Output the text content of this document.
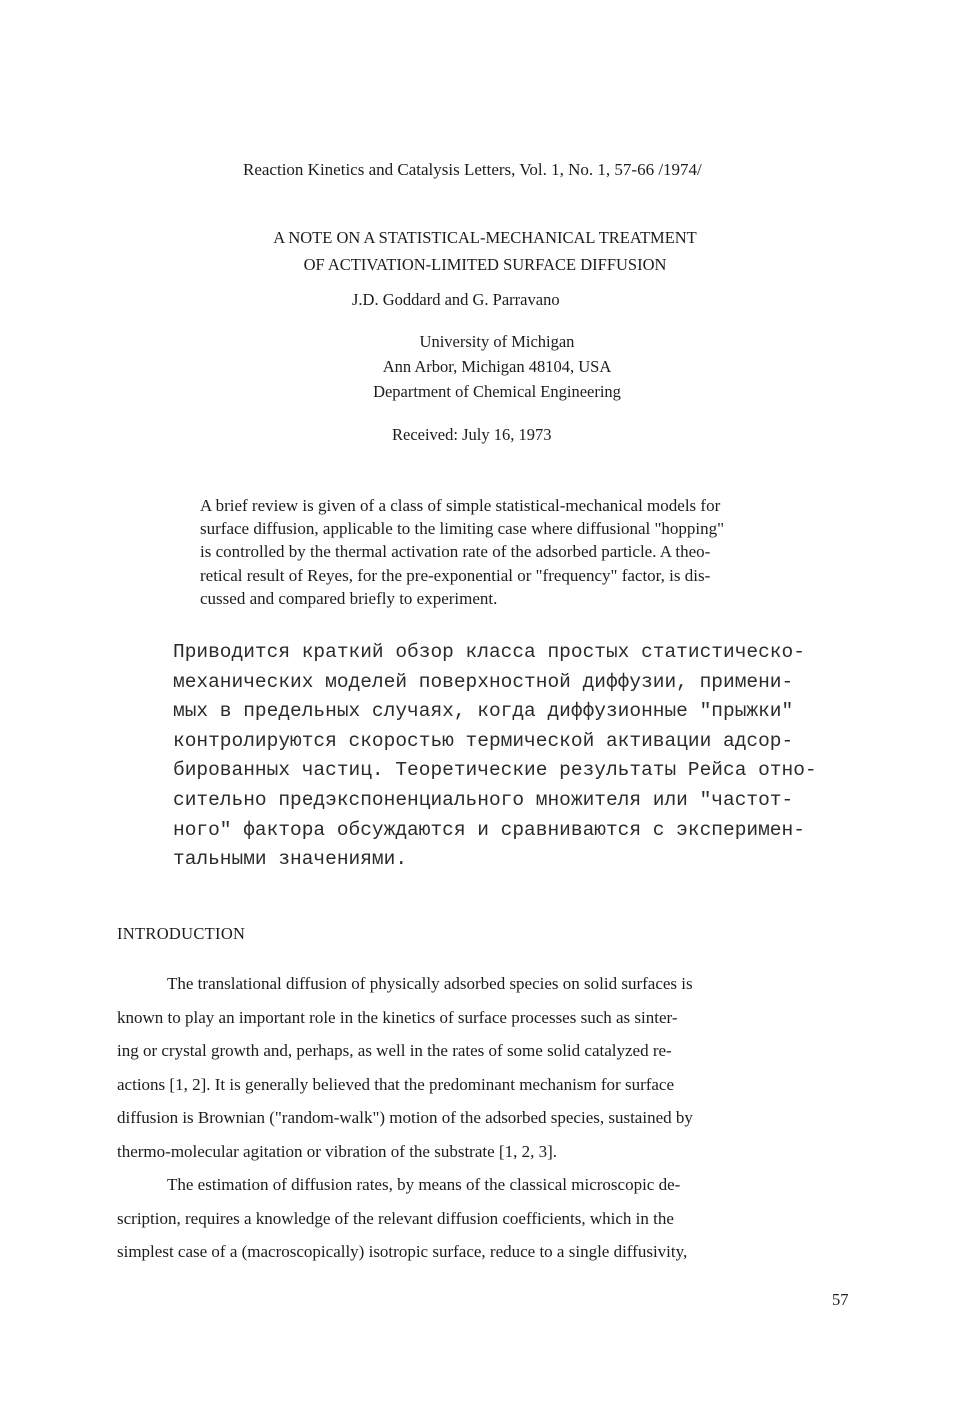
Reaction Kinetics and Catalysis Letters, Vol. 1, No. 1, 57-66 /1974/
A NOTE ON A STATISTICAL-MECHANICAL TREATMENT
OF ACTIVATION-LIMITED SURFACE DIFFUSION
J.D. Goddard and G. Parravano
University of Michigan
Ann Arbor, Michigan 48104, USA
Department of Chemical Engineering
Received: July 16, 1973
A brief review is given of a class of simple statistical-mechanical models for
surface diffusion, applicable to the limiting case where diffusional "hopping"
is controlled by the thermal activation rate of the adsorbed particle. A theo-
retical result of Reyes, for the pre-exponential or "frequency" factor, is dis-
cussed and compared briefly to experiment.
Приводится краткий обзор класса простых статистическо-
механических моделей поверхностной диффузии, примени-
мых в предельных случаях, когда диффузионные "прыжки"
контролируются скоростью термической активации адсор-
бированных частиц. Теоретические результаты Рейса отно-
сительно предэкспоненциального множителя или "частот-
ного" фактора обсуждаются и сравниваются с эксперимен-
тальными значениями.
INTRODUCTION
The translational diffusion of physically adsorbed species on solid surfaces is
known to play an important role in the kinetics of surface processes such as sinter-
ing or crystal growth and, perhaps, as well in the rates of some solid catalyzed re-
actions [1, 2]. It is generally believed that the predominant mechanism for surface
diffusion is Brownian ("random-walk") motion of the adsorbed species, sustained by
thermo-molecular agitation or vibration of the substrate [1, 2, 3].
The estimation of diffusion rates, by means of the classical microscopic de-
scription, requires a knowledge of the relevant diffusion coefficients, which in the
simplest case of a (macroscopically) isotropic surface, reduce to a single diffusivity,
57
